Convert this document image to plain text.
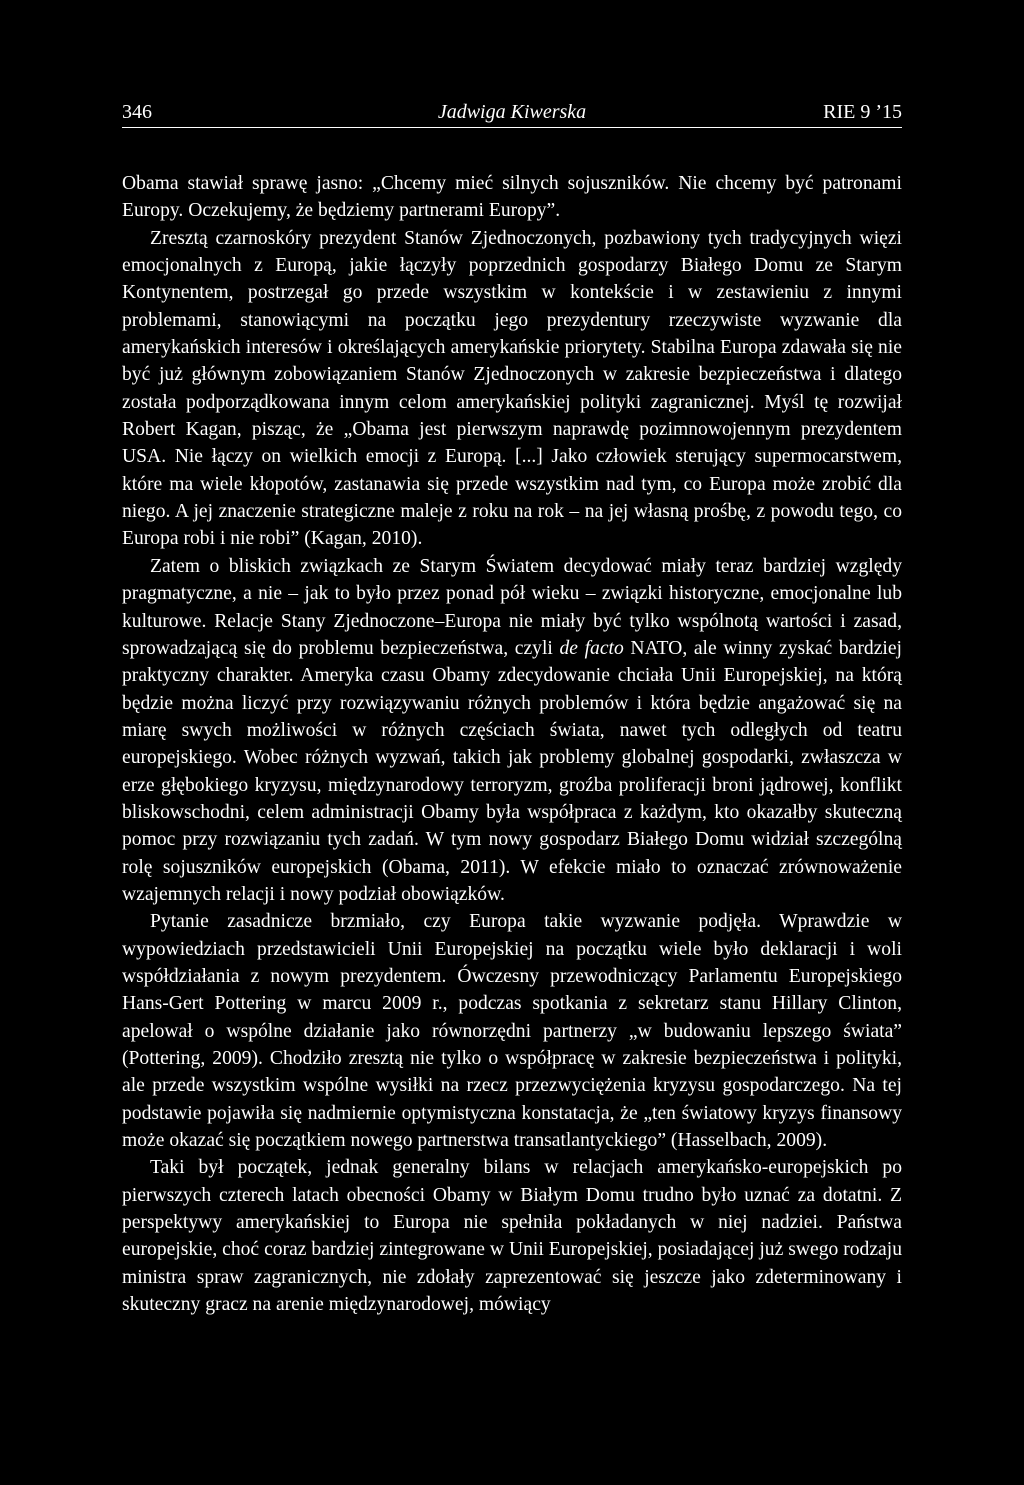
346	Jadwiga Kiwerska	RIE 9 ’15

Obama stawiał sprawę jasno: „Chcemy mieć silnych sojuszników. Nie chcemy być patronami Europy. Oczekujemy, że będziemy partnerami Europy”.

Zresztą czarnoskóry prezydent Stanów Zjednoczonych, pozbawiony tych tradycyjnych więzi emocjonalnych z Europą, jakie łączyły poprzednich gospodarzy Białego Domu ze Starym Kontynentem, postrzegał go przede wszystkim w kontekście i w zestawieniu z innymi problemami, stanowiącymi na początku jego prezydentury rzeczywiste wyzwanie dla amerykańskich interesów i określających amerykańskie priorytety. Stabilna Europa zdawała się nie być już głównym zobowiązaniem Stanów Zjednoczonych w zakresie bezpieczeństwa i dlatego została podporządkowana innym celom amerykańskiej polityki zagranicznej. Myśl tę rozwijał Robert Kagan, pisząc, że „Obama jest pierwszym naprawdę pozimnowojennym prezydentem USA. Nie łączy on wielkich emocji z Europą. [...] Jako człowiek sterujący supermocarstwem, które ma wiele kłopotów, zastanawia się przede wszystkim nad tym, co Europa może zrobić dla niego. A jej znaczenie strategiczne maleje z roku na rok – na jej własną prośbę, z powodu tego, co Europa robi i nie robi” (Kagan, 2010).

Zatem o bliskich związkach ze Starym Światem decydować miały teraz bardziej względy pragmatyczne, a nie – jak to było przez ponad pół wieku – związki historyczne, emocjonalne lub kulturowe. Relacje Stany Zjednoczone–Europa nie miały być tylko wspólnotą wartości i zasad, sprowadzającą się do problemu bezpieczeństwa, czyli de facto NATO, ale winny zyskać bardziej praktyczny charakter. Ameryka czasu Obamy zdecydowanie chciała Unii Europejskiej, na którą będzie można liczyć przy rozwiązywaniu różnych problemów i która będzie angażować się na miarę swych możliwości w różnych częściach świata, nawet tych odległych od teatru europejskiego. Wobec różnych wyzwań, takich jak problemy globalnej gospodarki, zwłaszcza w erze głębokiego kryzysu, międzynarodowy terroryzm, groźba proliferacji broni jądrowej, konflikt bliskowschodni, celem administracji Obamy była współpraca z każdym, kto okazałby skuteczną pomoc przy rozwiązaniu tych zadań. W tym nowy gospodarz Białego Domu widział szczególną rolę sojuszników europejskich (Obama, 2011). W efekcie miało to oznaczać zrównoważenie wzajemnych relacji i nowy podział obowiązków.

Pytanie zasadnicze brzmiało, czy Europa takie wyzwanie podjęła. Wprawdzie w wypowiedziach przedstawicieli Unii Europejskiej na początku wiele było deklaracji i woli współdziałania z nowym prezydentem. Ówczesny przewodniczący Parlamentu Europejskiego Hans-Gert Pottering w marcu 2009 r., podczas spotkania z sekretarz stanu Hillary Clinton, apelował o wspólne działanie jako równorzędni partnerzy „w budowaniu lepszego świata” (Pottering, 2009). Chodziło zresztą nie tylko o współpracę w zakresie bezpieczeństwa i polityki, ale przede wszystkim wspólne wysiłki na rzecz przezwyciężenia kryzysu gospodarczego. Na tej podstawie pojawiła się nadmiernie optymistyczna konstatacja, że „ten światowy kryzys finansowy może okazać się początkiem nowego partnerstwa transatlantyckiego” (Hasselbach, 2009).

Taki był początek, jednak generalny bilans w relacjach amerykańsko-europejskich po pierwszych czterech latach obecności Obamy w Białym Domu trudno było uznać za dotatni. Z perspektywy amerykańskiej to Europa nie spełniła pokładanych w niej nadziei. Państwa europejskie, choć coraz bardziej zintegrowane w Unii Europejskiej, posiadającej już swego rodzaju ministra spraw zagranicznych, nie zdołały zaprezentować się jeszcze jako zdeterminowany i skuteczny gracz na arenie międzynarodowej, mówiący
